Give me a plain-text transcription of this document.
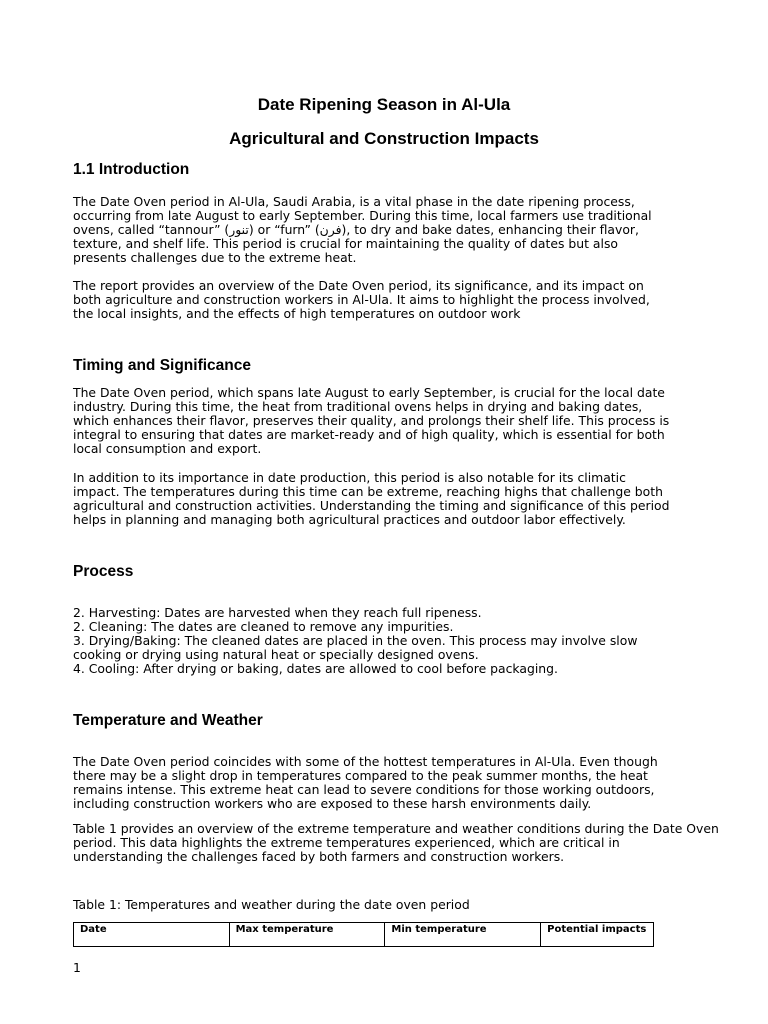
Date Ripening Season in Al-Ula
Agricultural and Construction Impacts
1.1 Introduction
The Date Oven period in Al-Ula, Saudi Arabia, is a vital phase in the date ripening process,
occurring from late August to early September. During this time, local farmers use traditional
ovens, called “tannour” (تنور) or “furn” (فرن), to dry and bake dates, enhancing their flavor,
texture, and shelf life. This period is crucial for maintaining the quality of dates but also
presents challenges due to the extreme heat.
The report provides an overview of the Date Oven period, its significance, and its impact on
both agriculture and construction workers in Al-Ula. It aims to highlight the process involved,
the local insights, and the effects of high temperatures on outdoor work
Timing and Significance
The Date Oven period, which spans late August to early September, is crucial for the local date
industry. During this time, the heat from traditional ovens helps in drying and baking dates,
which enhances their flavor, preserves their quality, and prolongs their shelf life. This process is
integral to ensuring that dates are market-ready and of high quality, which is essential for both
local consumption and export.
In addition to its importance in date production, this period is also notable for its climatic
impact. The temperatures during this time can be extreme, reaching highs that challenge both
agricultural and construction activities. Understanding the timing and significance of this period
helps in planning and managing both agricultural practices and outdoor labor effectively.
Process
2. Harvesting: Dates are harvested when they reach full ripeness.
2. Cleaning: The dates are cleaned to remove any impurities.
3. Drying/Baking: The cleaned dates are placed in the oven. This process may involve slow
cooking or drying using natural heat or specially designed ovens.
4. Cooling: After drying or baking, dates are allowed to cool before packaging.
Temperature and Weather
The Date Oven period coincides with some of the hottest temperatures in Al-Ula. Even though
there may be a slight drop in temperatures compared to the peak summer months, the heat
remains intense. This extreme heat can lead to severe conditions for those working outdoors,
including construction workers who are exposed to these harsh environments daily.
Table 1 provides an overview of the extreme temperature and weather conditions during the Date Oven
period. This data highlights the extreme temperatures experienced, which are critical in
understanding the challenges faced by both farmers and construction workers.
Table 1: Temperatures and weather during the date oven period
Date	Max temperature	Min temperature	Potential impacts
1
